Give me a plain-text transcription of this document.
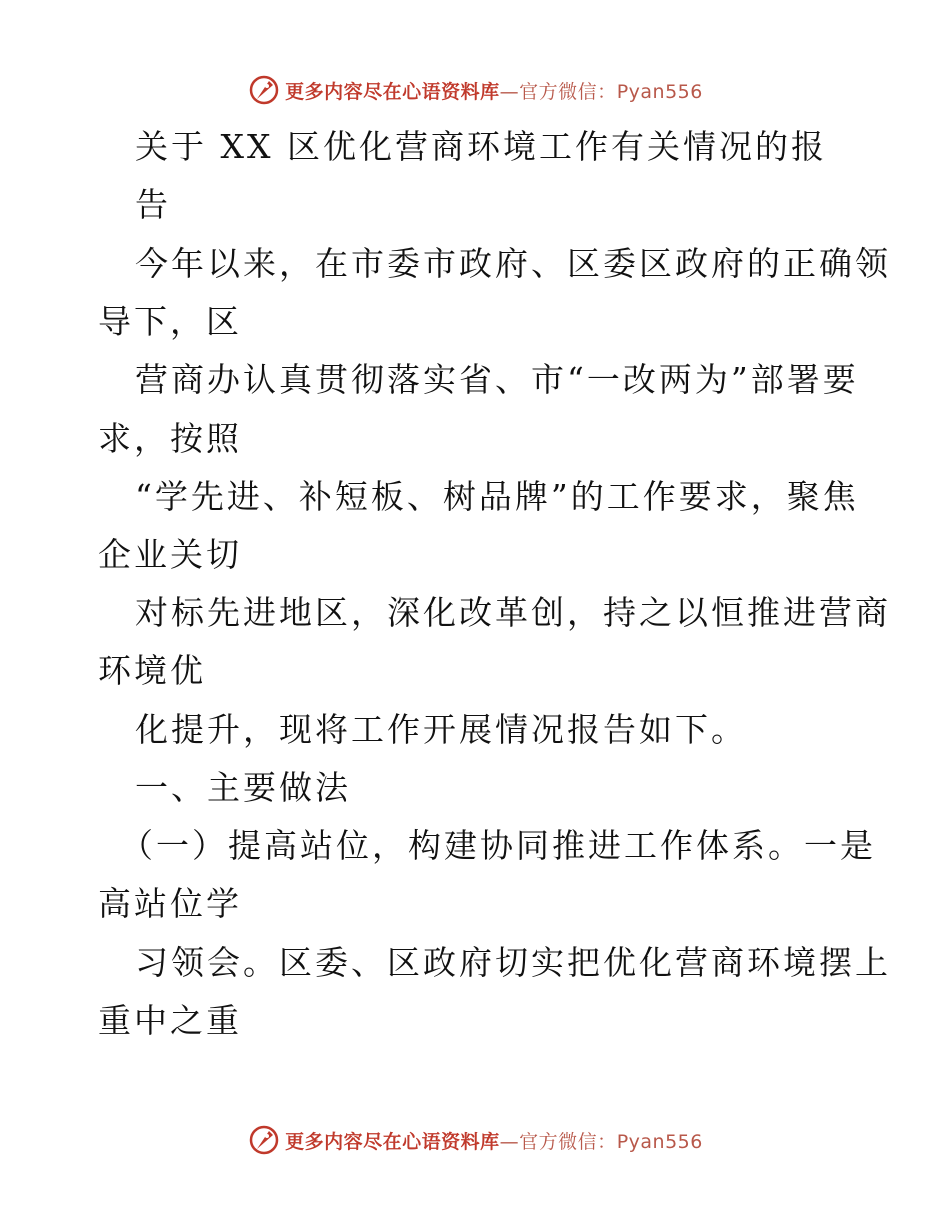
更多内容尽在心语资料库—官方微信：Pyan556
关于 XX 区优化营商环境工作有关情况的报
告
今年以来，在市委市政府、区委区政府的正确领
导下，区
营商办认真贯彻落实省、市“一改两为”部署要
求，按照
“学先进、补短板、树品牌”的工作要求，聚焦
企业关切
对标先进地区，深化改革创，持之以恒推进营商
环境优
化提升，现将工作开展情况报告如下。
一、主要做法
（一）提高站位，构建协同推进工作体系。一是
高站位学
习领会。区委、区政府切实把优化营商环境摆上
重中之重
更多内容尽在心语资料库—官方微信：Pyan556
